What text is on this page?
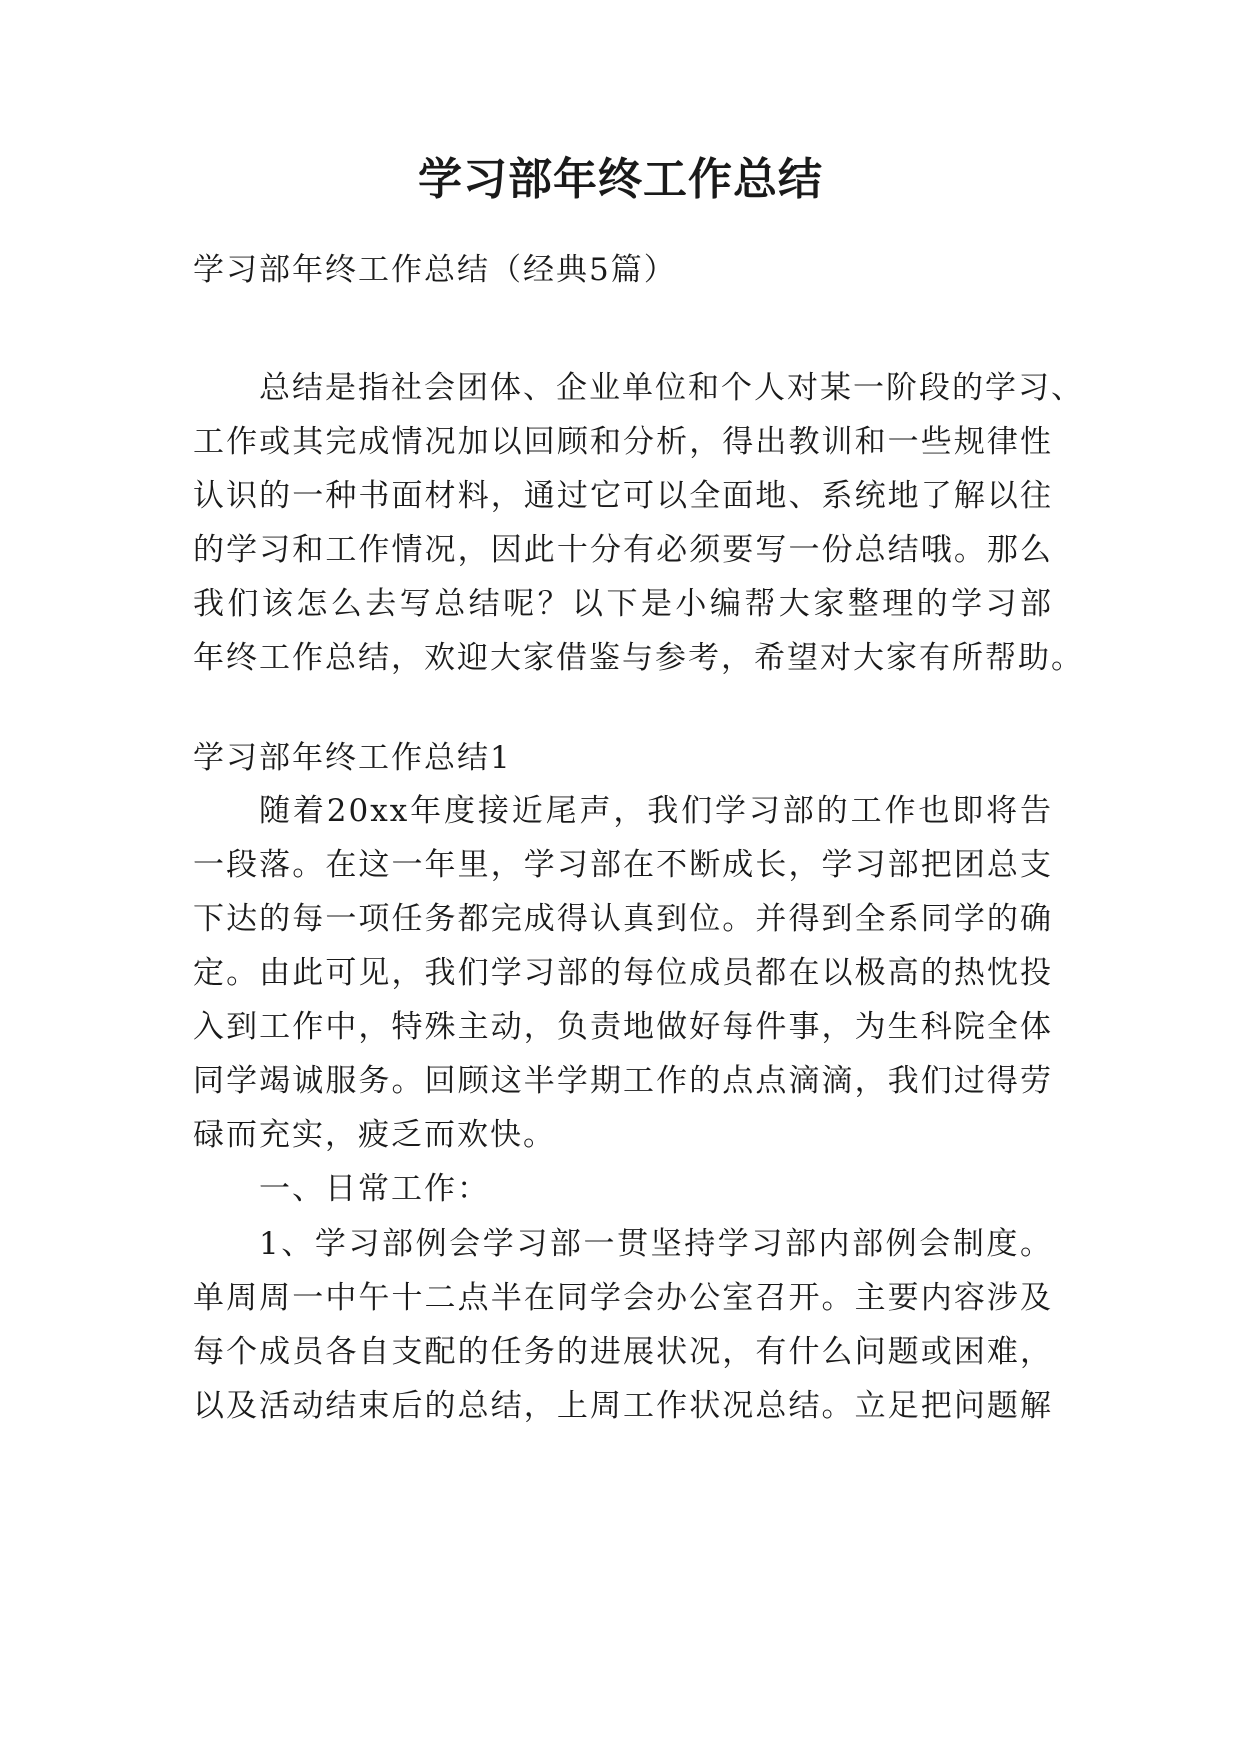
学习部年终工作总结
学习部年终工作总结（经典5篇）
总结是指社会团体、企业单位和个人对某一阶段的学习、
工作或其完成情况加以回顾和分析，得出教训和一些规律性
认识的一种书面材料，通过它可以全面地、系统地了解以往
的学习和工作情况，因此十分有必须要写一份总结哦。那么
我们该怎么去写总结呢？以下是小编帮大家整理的学习部
年终工作总结，欢迎大家借鉴与参考，希望对大家有所帮助。
学习部年终工作总结1
随着20xx年度接近尾声，我们学习部的工作也即将告
一段落。在这一年里，学习部在不断成长，学习部把团总支
下达的每一项任务都完成得认真到位。并得到全系同学的确
定。由此可见，我们学习部的每位成员都在以极高的热忱投
入到工作中，特殊主动，负责地做好每件事，为生科院全体
同学竭诚服务。回顾这半学期工作的点点滴滴，我们过得劳
碌而充实，疲乏而欢快。
一、日常工作：
1、学习部例会学习部一贯坚持学习部内部例会制度。
单周周一中午十二点半在同学会办公室召开。主要内容涉及
每个成员各自支配的任务的进展状况，有什么问题或困难，
以及活动结束后的总结，上周工作状况总结。立足把问题解
